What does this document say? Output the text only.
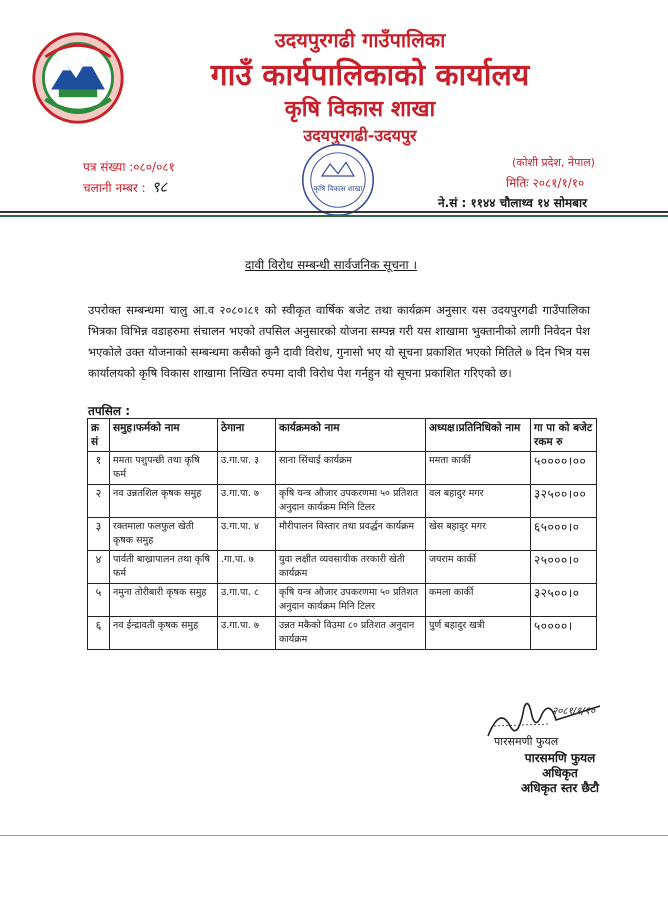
उदयपुरगढी गाउँपालिका
गाउँ कार्यपालिकाको कार्यालय
कृषि विकास शाखा
उदयपुरगढी-उदयपुर
कृषि विकास शाखा
पत्र संख्या :०८०/०८१
चलानी नम्बर : ९८
(कोशी प्रदेश, नेपाल)
मितिः २०८१/१/१०
ने.सं : ११४४ चौलाथ्व १४ सोमबार
दावी विरोध सम्बन्धी सार्वजनिक सूचना ।
उपरोक्त सम्बन्धमा चालु आ.व २०८०।८१ को स्वीकृत वार्षिक बजेट तथा कार्यक्रम अनुसार यस उदयपुरगढी गाउँपालिका भित्रका विभिन्न वडाहरुमा संचालन भएको तपसिल अनुसारको योजना सम्पन्न गरी यस शाखामा भुक्तानीको लागी निवेदन पेश भएकोले उक्त योजनाको सम्बन्धमा कसैको कुनै दावी विरोध, गुनासो भए यो सूचना प्रकाशित भएको मितिले ७ दिन भित्र यस कार्यालयको कृषि विकास शाखामा निखित रुपमा दावी विरोध पेश गर्नहुन यो सूचना प्रकाशित गरिएको छ।
तपसिल :
क्र सं	समुह।फर्मको नाम	ठेगाना	कार्यक्रमको नाम	अध्यक्ष।प्रतिनिधिको नाम	गा पा को बजेट रकम रु
१	ममता पशुपन्छी तथा कृषि फर्म	उ.गा.पा. ३	साना सिंचाई कार्यक्रम	ममता कार्की	५००००।००
२	नव उन्नतशिल कृषक समुह	उ.गा.पा. ७	कृषि यन्त्र औजार उपकरणमा ५० प्रतिशत अनुदान कार्यक्रम मिनि टिलर	वल बहादुर मगर	३२५००।००
३	रक्तमाला फलफुल खेती कृषक समुह	उ.गा.पा. ४	मौरीपालन विस्तार तथा प्रवर्द्धन कार्यक्रम	खेस बहादुर मगर	६५०००।०
४	पार्वती बाख्रापालन तथा कृषि फर्म	.गा.पा. ७	युवा लक्षीत व्यवसायीक तरकारी खेती कार्यक्रम	जयराम कार्की	२५०००।०
५	नमुना तोरीबारी कृषक समुह	उ.गा.पा. ८	कृषि यन्त्र औजार उपकरणमा ५० प्रतिशत अनुदान कार्यक्रम मिनि टिलर	कमला कार्की	३२५००।०
६	नव ईन्द्रावती कृषक समुह	उ.गा.पा. ७	उन्नत मकैको विउमा ८० प्रतिशत अनुदान कार्यक्रम	पुर्ण बहादुर खत्री	५००००।
२०८१/१/१०
पारसमणी फुयल
पारसमणि फुयल
अधिकृत
अधिकृत स्तर छैटौ
